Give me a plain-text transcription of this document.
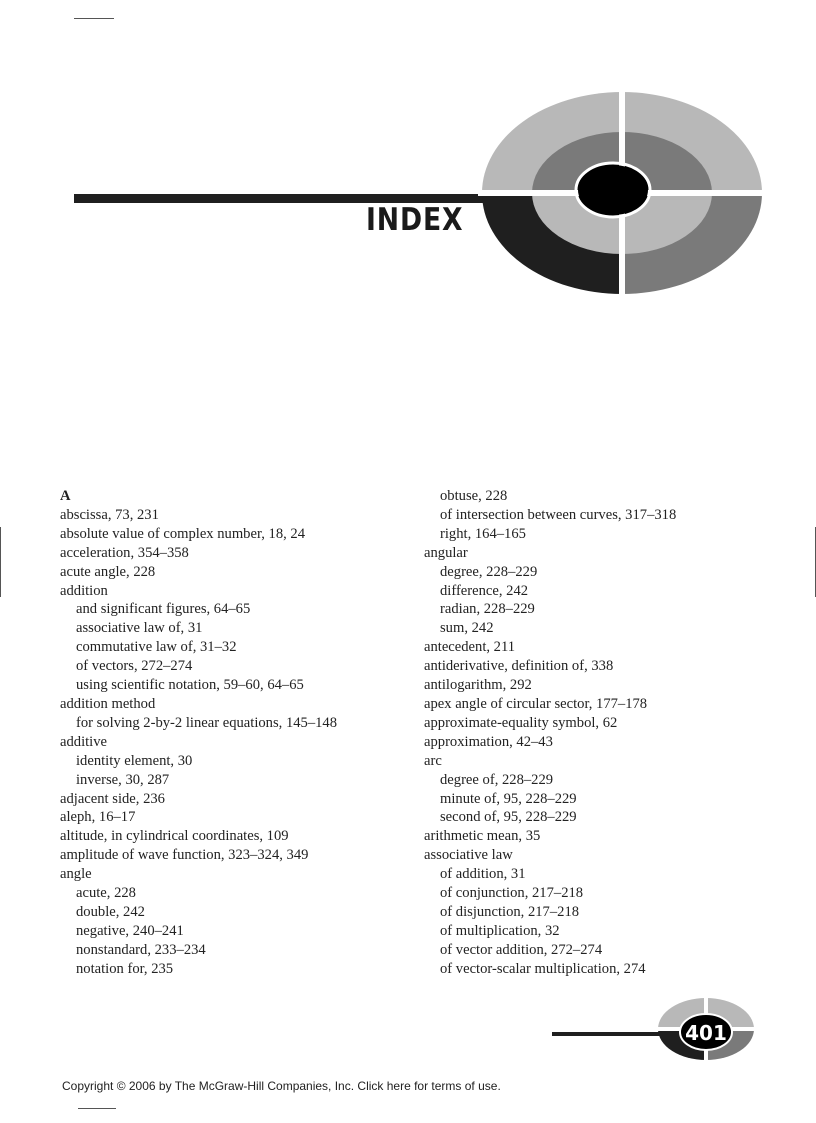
INDEX
A
abscissa, 73, 231
absolute value of complex number, 18, 24
acceleration, 354–358
acute angle, 228
addition
and significant figures, 64–65
associative law of, 31
commutative law of, 31–32
of vectors, 272–274
using scientific notation, 59–60, 64–65
addition method
for solving 2-by-2 linear equations, 145–148
additive
identity element, 30
inverse, 30, 287
adjacent side, 236
aleph, 16–17
altitude, in cylindrical coordinates, 109
amplitude of wave function, 323–324, 349
angle
acute, 228
double, 242
negative, 240–241
nonstandard, 233–234
notation for, 235
obtuse, 228
of intersection between curves, 317–318
right, 164–165
angular
degree, 228–229
difference, 242
radian, 228–229
sum, 242
antecedent, 211
antiderivative, definition of, 338
antilogarithm, 292
apex angle of circular sector, 177–178
approximate-equality symbol, 62
approximation, 42–43
arc
degree of, 228–229
minute of, 95, 228–229
second of, 95, 228–229
arithmetic mean, 35
associative law
of addition, 31
of conjunction, 217–218
of disjunction, 217–218
of multiplication, 32
of vector addition, 272–274
of vector-scalar multiplication, 274
401
Copyright © 2006 by The McGraw-Hill Companies, Inc. Click here for terms of use.
